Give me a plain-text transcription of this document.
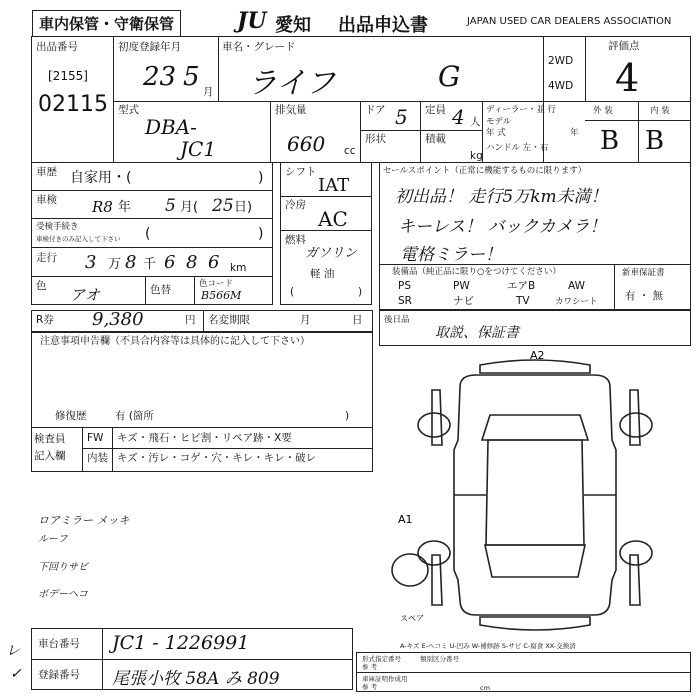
車内保管・守衛保管	JU 愛知 出品申込書	JAPAN USED CAR DEALERS ASSOCIATION
出品番号
[2155]
02115
初度登録年月
23 5 月
車名・グレード
ライフ	G	2WD
4WD
評価点
4
外 装	内 装
B B
型式
DBA-
JC1
排気量
660 cc
ドア 5 定員 4 人
形状	積載
kg
ディーラー・並 行
モデル
年 式	年
ハンドル 左・右
車歴 自家用・(	)
車検 R8 年 5 月( 25 日)
受検手続き
車検付きのみ記入して下さい (	)
走行 3 万 8 千 6 8 6 km
色 アオ	色替	色コード
B566M
シフト
IAT
冷房
AC
燃料
ガソリン
軽 油
(	)
セールスポイント（正常に機能するものに限ります）
初出品！ 走行5万km未満！
キーレス！ バックカメラ！
電格ミラー！
装備品（純正品に限り○をつけてください）
PS	PW	エアB	AW
SR	ナビ	TV	カワシート
新車保証書
有 ・ 無
R券 9,380	円 名変期限	月	日	後日品
取説、保証書
注意事項申告欄（不具合内容等は具体的に記入して下さい）
修復歴	有 (箇所	)
検査員
記入欄
FW キズ・飛石・ヒビ割・リペア跡・X要
内装 キズ・汚レ・コゲ・穴・キレ・キレ・破レ
ロアミラー メッキ
ルーフ
下回りサビ
ボデーヘコ
A2
A1
スペア
A-キズ E-ヘコミ U-凹み W-補修跡 S-サビ C-腐食 XX-交換済
車台番号 JC1 - 1226991
登録番号 尾張小牧 58A み 809
レ
✓
形式指定番号	類別区分番号
参 考
車庫証明作成用
参 考	cm
